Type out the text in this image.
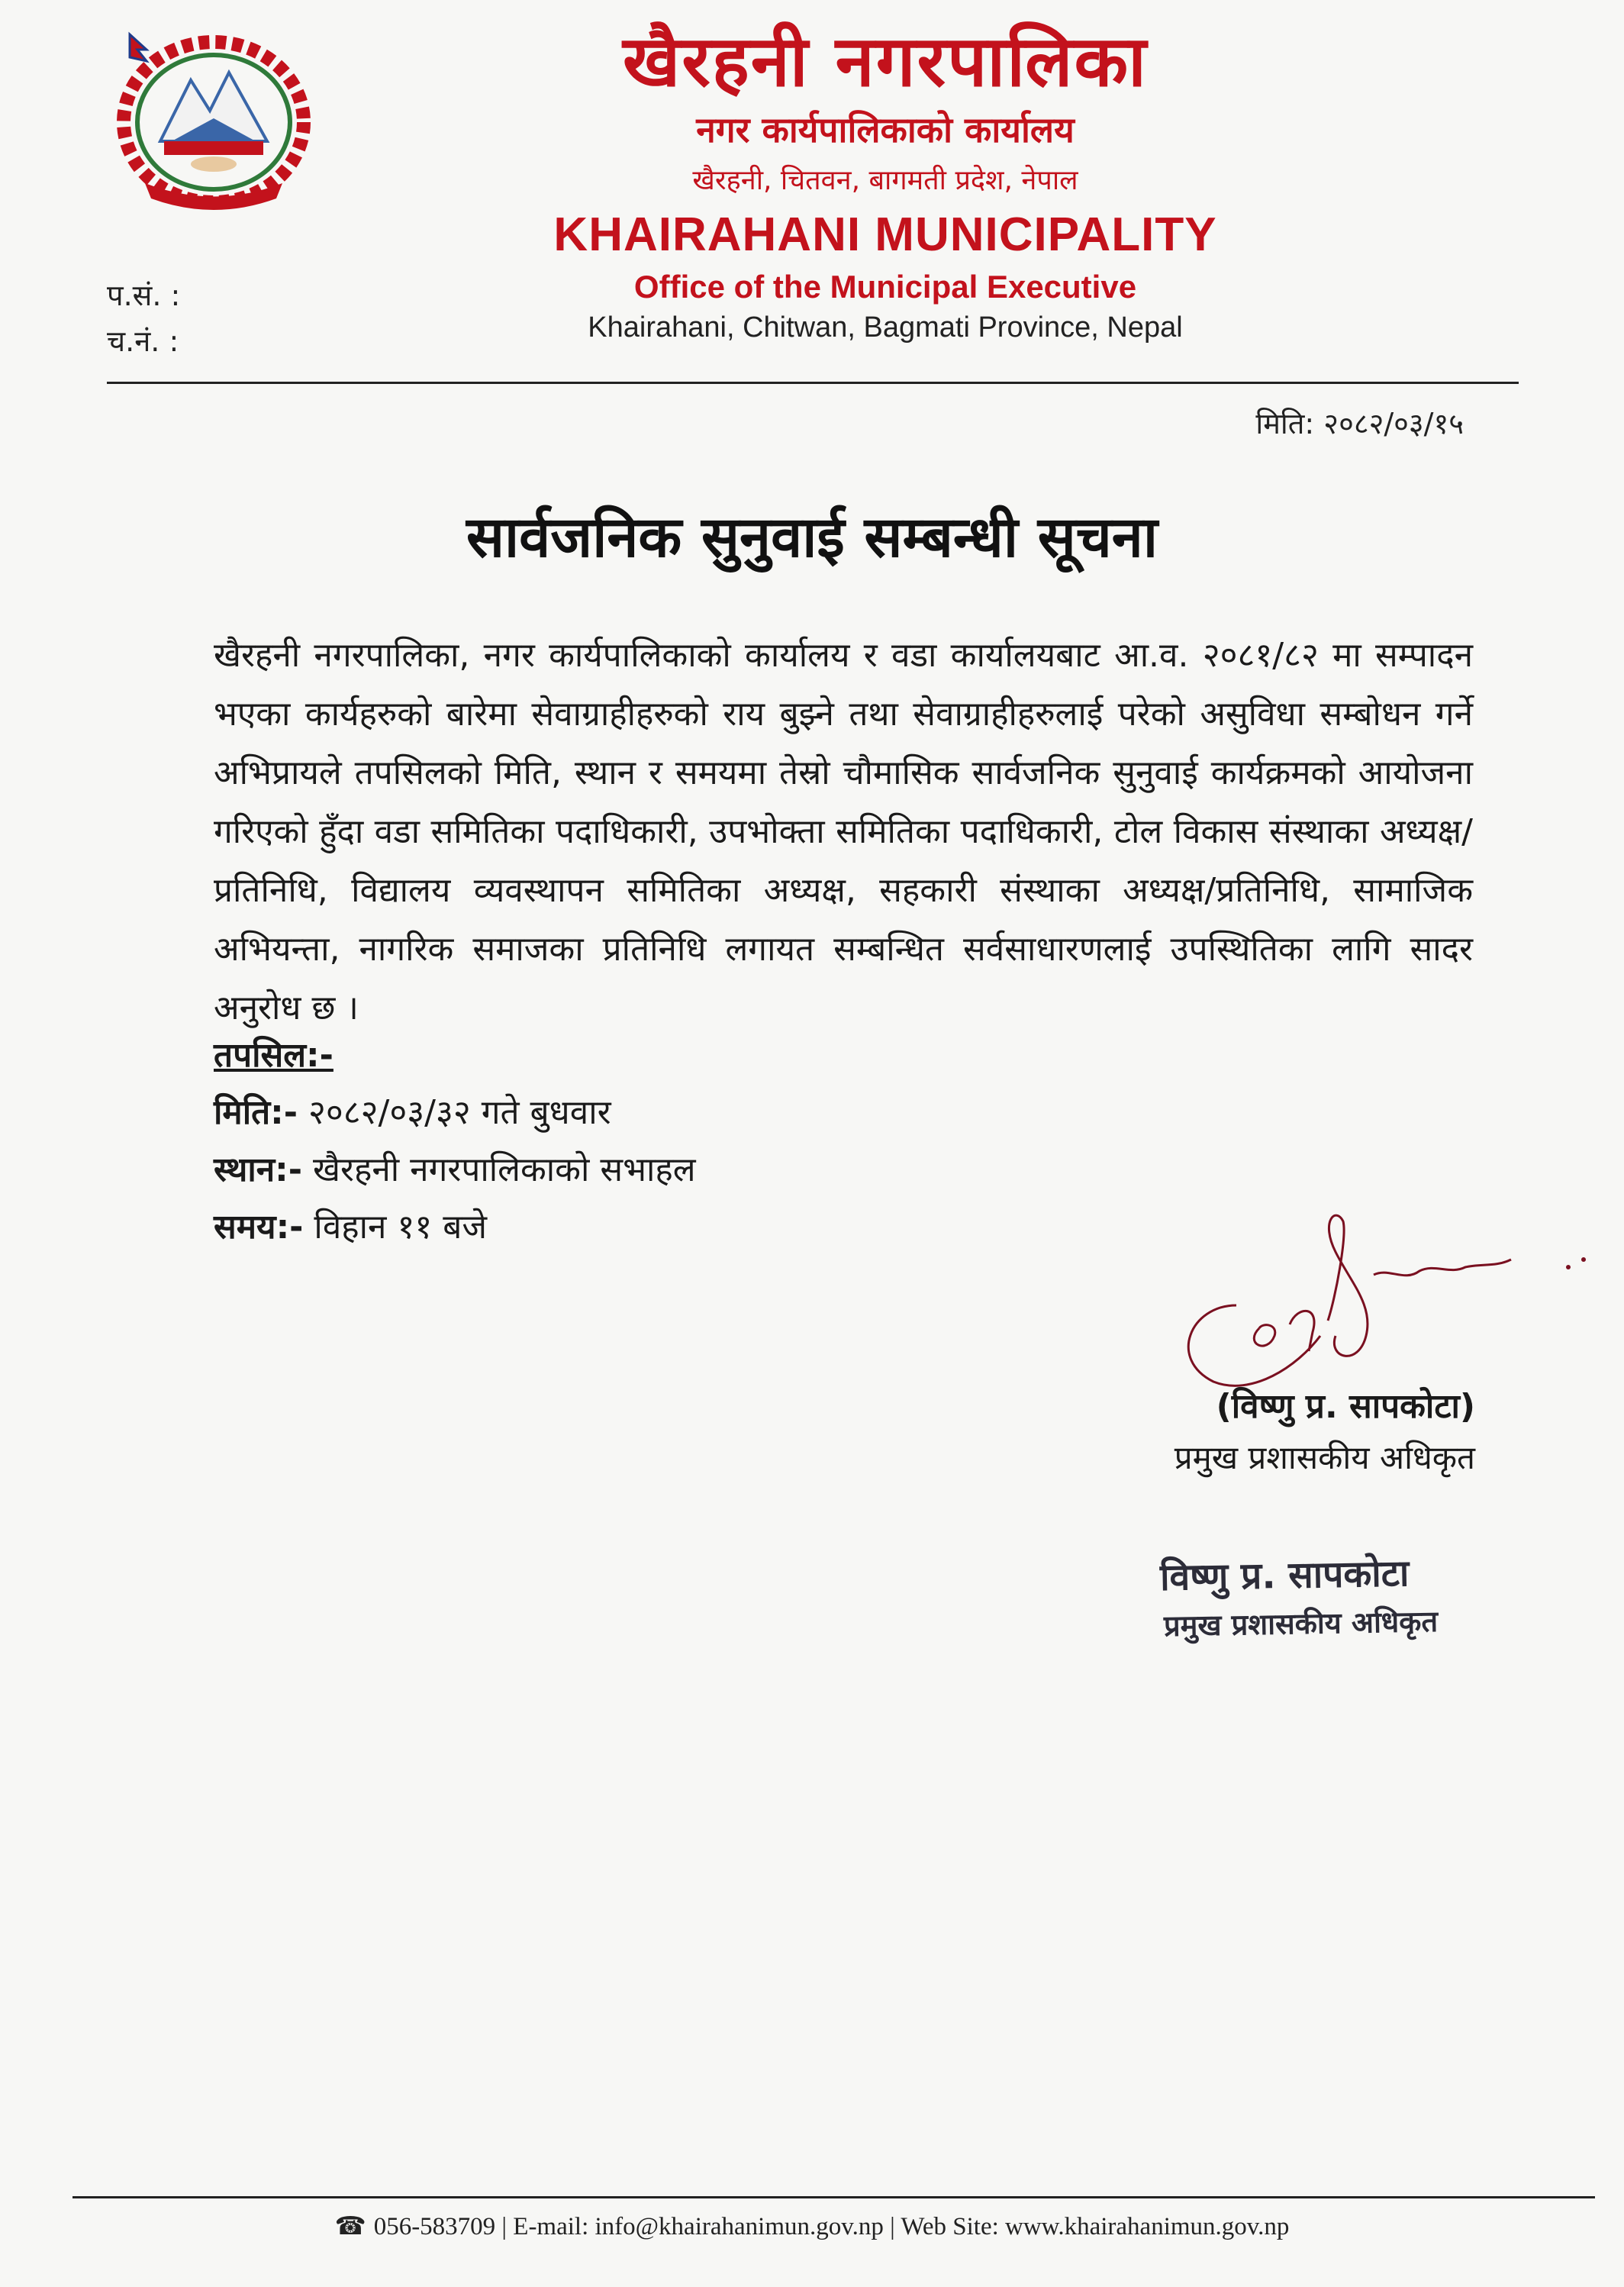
खैरहनी नगरपालिका
नगर कार्यपालिकाको कार्यालय
खैरहनी, चितवन, बागमती प्रदेश, नेपाल
KHAIRAHANI MUNICIPALITY
Office of the Municipal Executive
Khairahani, Chitwan, Bagmati Province, Nepal
प.सं. :
च.नं. :
मिति: २०८२/०३/१५
सार्वजनिक सुनुवाई सम्बन्धी सूचना
खैरहनी नगरपालिका, नगर कार्यपालिकाको कार्यालय र वडा कार्यालयबाट आ.व. २०८१/८२ मा सम्पादन भएका कार्यहरुको बारेमा सेवाग्राहीहरुको राय बुझ्ने तथा सेवाग्राहीहरुलाई परेको असुविधा सम्बोधन गर्ने अभिप्रायले तपसिलको मिति, स्थान र समयमा तेस्रो चौमासिक सार्वजनिक सुनुवाई कार्यक्रमको आयोजना गरिएको हुँदा वडा समितिका पदाधिकारी, उपभोक्ता समितिका पदाधिकारी, टोल विकास संस्थाका अध्यक्ष/प्रतिनिधि, विद्यालय व्यवस्थापन समितिका अध्यक्ष, सहकारी संस्थाका अध्यक्ष/प्रतिनिधि, सामाजिक अभियन्ता, नागरिक समाजका प्रतिनिधि लगायत सम्बन्धित सर्वसाधारणलाई उपस्थितिका लागि सादर अनुरोध छ ।
तपसिल:-
मिति:- २०८२/०३/३२ गते बुधवार
स्थान:- खैरहनी नगरपालिकाको सभाहल
समय:- विहान ११ बजे
(विष्णु प्र. सापकोटा)
प्रमुख प्रशासकीय अधिकृत
विष्णु प्र. सापकोटा
प्रमुख प्रशासकीय अधिकृत
☎ 056-583709 | E-mail: info@khairahanimun.gov.np | Web Site: www.khairahanimun.gov.np
